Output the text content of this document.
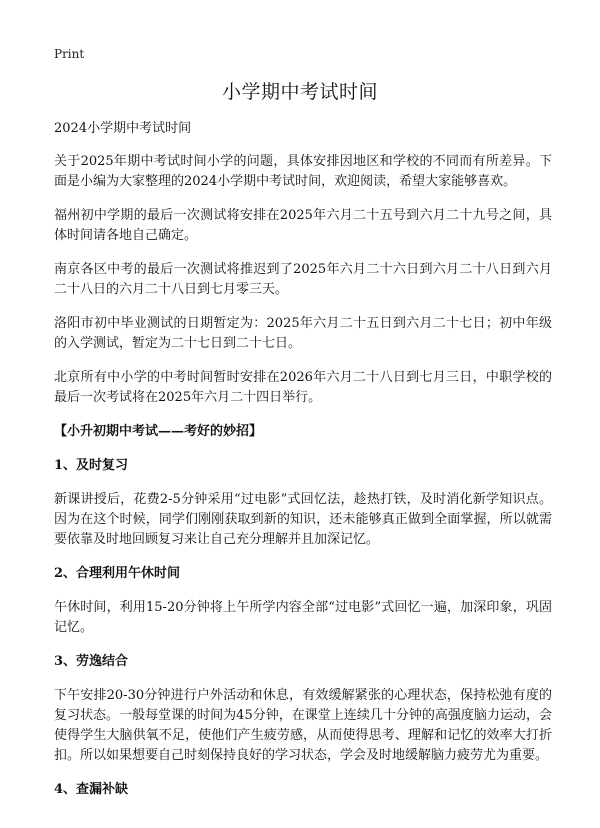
Print
小学期中考试时间

2024小学期中考试时间

关于2025年期中考试时间小学的问题，具体安排因地区和学校的不同而有所差异。下面是小编为大家整理的2024小学期中考试时间，欢迎阅读，希望大家能够喜欢。

福州初中学期的最后一次测试将安排在2025年六月二十五号到六月二十九号之间，具体时间请各地自己确定。

南京各区中考的最后一次测试将推迟到了2025年六月二十六日到六月二十八日到六月二十八日的六月二十八日到七月零三天。

洛阳市初中毕业测试的日期暂定为：2025年六月二十五日到六月二十七日；初中年级的入学测试，暂定为二十七日到二十七日。

北京所有中小学的中考时间暂时安排在2026年六月二十八日到七月三日，中职学校的最后一次考试将在2025年六月二十四日举行。

【小升初期中考试——考好的妙招】

1、及时复习

新课讲授后，花费2-5分钟采用“过电影”式回忆法，趁热打铁，及时消化新学知识点。因为在这个时候，同学们刚刚获取到新的知识，还未能够真正做到全面掌握，所以就需要依靠及时地回顾复习来让自己充分理解并且加深记忆。

2、合理利用午休时间

午休时间，利用15-20分钟将上午所学内容全部“过电影”式回忆一遍，加深印象，巩固记忆。

3、劳逸结合

下午安排20-30分钟进行户外活动和休息，有效缓解紧张的心理状态，保持松弛有度的复习状态。一般每堂课的时间为45分钟，在课堂上连续几十分钟的高强度脑力运动，会使得学生大脑供氧不足，使他们产生疲劳感，从而使得思考、理解和记忆的效率大打折扣。所以如果想要自己时刻保持良好的学习状态，学会及时地缓解脑力疲劳尤为重要。

4、查漏补缺
